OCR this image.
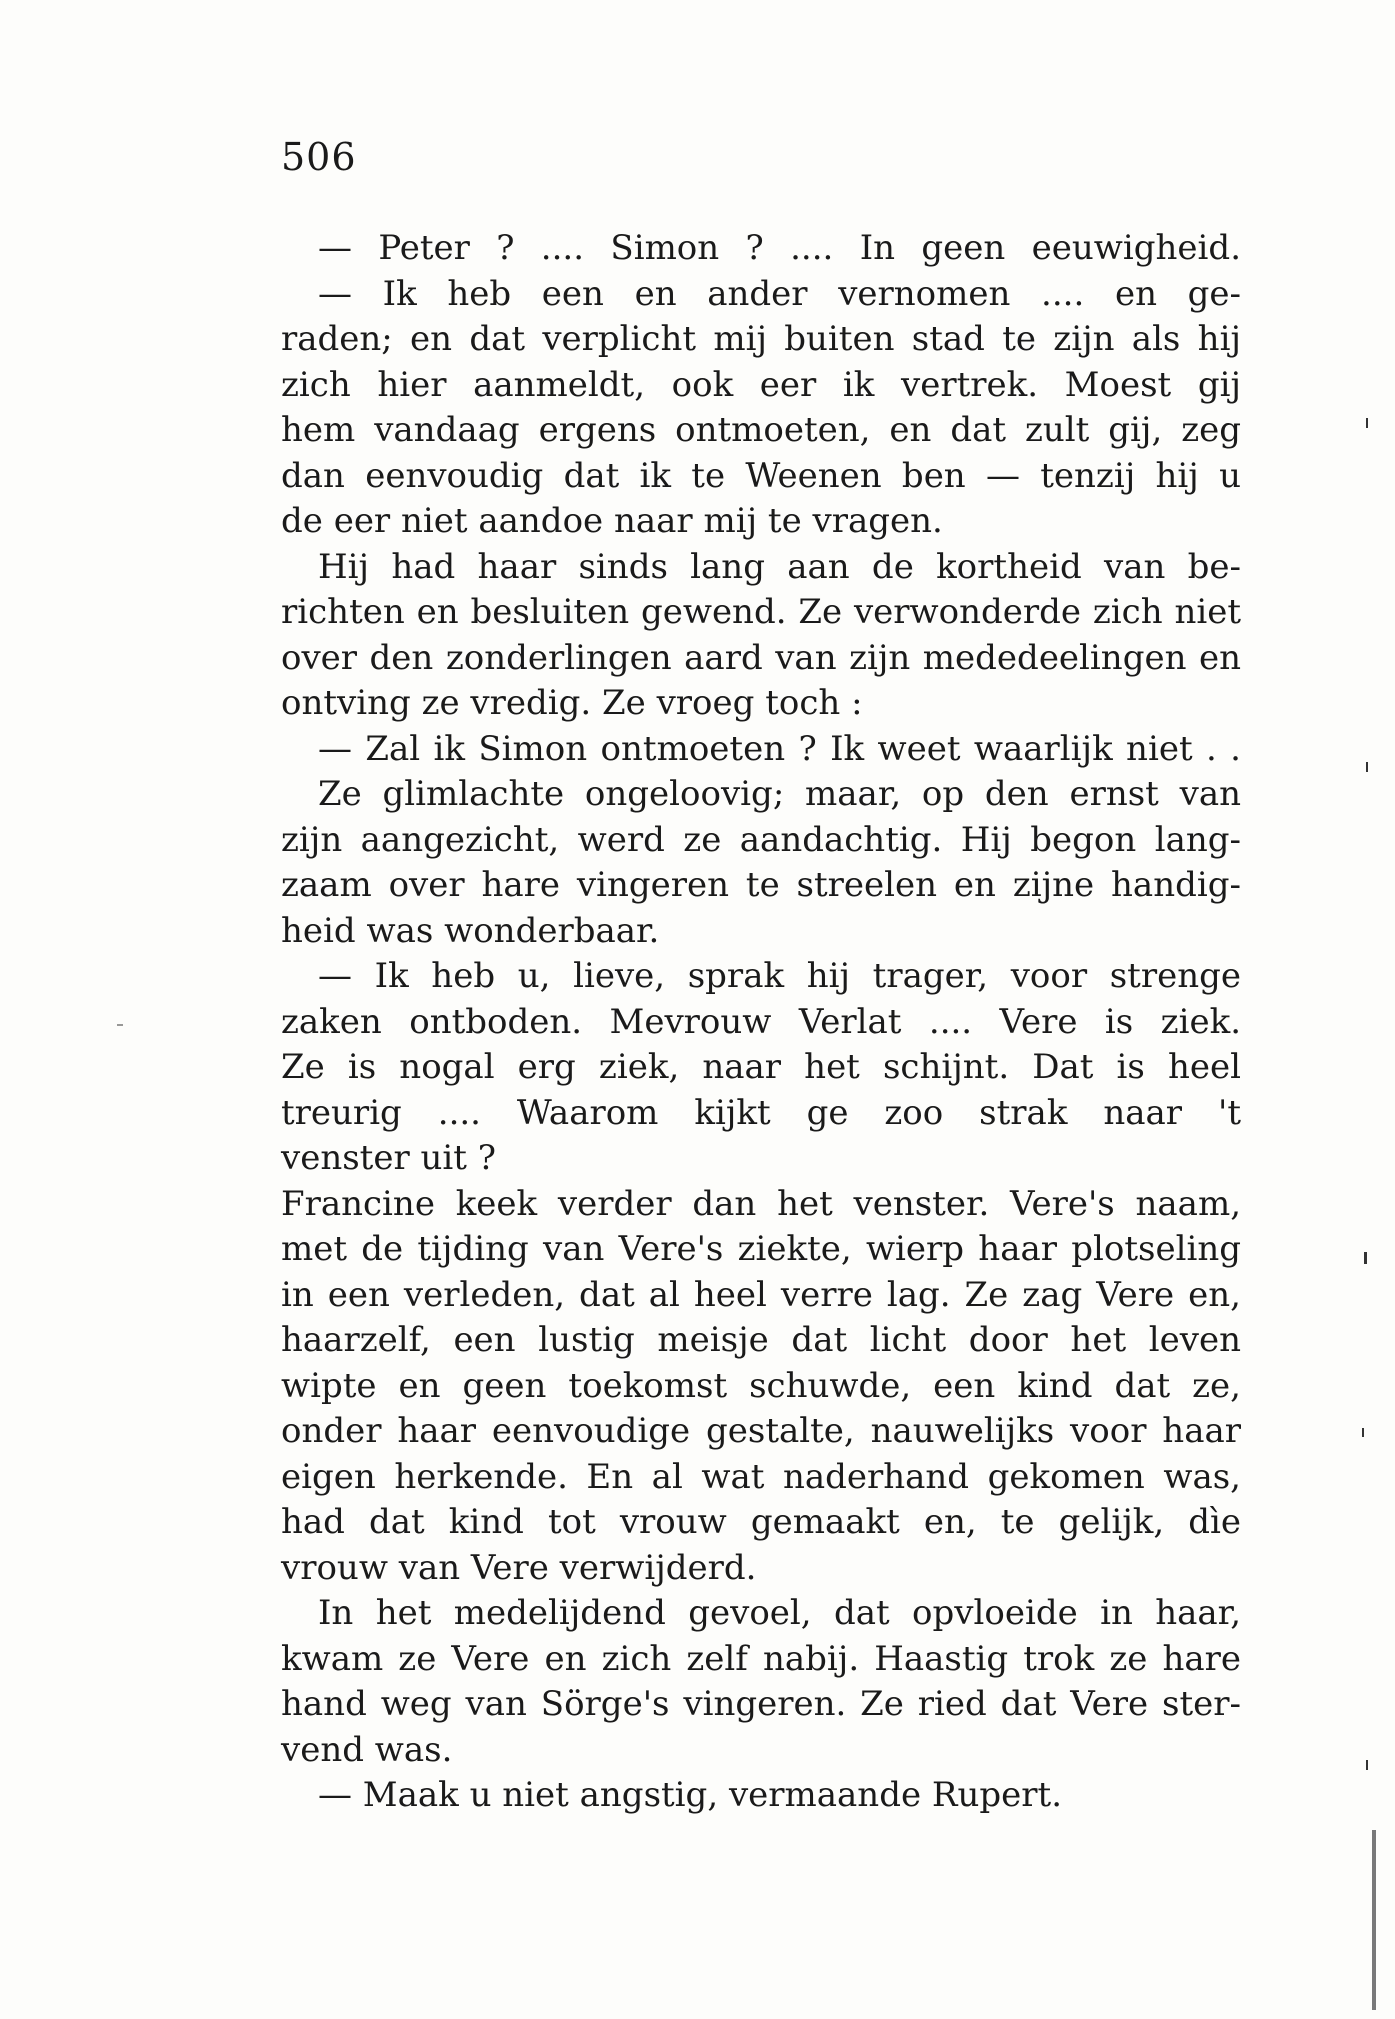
506
— Peter ? .... Simon ? .... In geen eeuwigheid.
— Ik heb een en ander vernomen .... en ge-
raden; en dat verplicht mij buiten stad te zijn als hij
zich hier aanmeldt, ook eer ik vertrek. Moest gij
hem vandaag ergens ontmoeten, en dat zult gij, zeg
dan eenvoudig dat ik te Weenen ben — tenzij hij u
de eer niet aandoe naar mij te vragen.
Hij had haar sinds lang aan de kortheid van be-
richten en besluiten gewend. Ze verwonderde zich niet
over den zonderlingen aard van zijn mededeelingen en
ontving ze vredig. Ze vroeg toch :
— Zal ik Simon ontmoeten ? Ik weet waarlijk niet . .
Ze glimlachte ongeloovig; maar, op den ernst van
zijn aangezicht, werd ze aandachtig. Hij begon lang-
zaam over hare vingeren te streelen en zijne handig-
heid was wonderbaar.
— Ik heb u, lieve, sprak hij trager, voor strenge
zaken ontboden. Mevrouw Verlat .... Vere is ziek.
Ze is nogal erg ziek, naar het schijnt. Dat is heel
treurig .... Waarom kijkt ge zoo strak naar 't
venster uit ?
Francine keek verder dan het venster. Vere's naam,
met de tijding van Vere's ziekte, wierp haar plotseling
in een verleden, dat al heel verre lag. Ze zag Vere en,
haarzelf, een lustig meisje dat licht door het leven
wipte en geen toekomst schuwde, een kind dat ze,
onder haar eenvoudige gestalte, nauwelijks voor haar
eigen herkende. En al wat naderhand gekomen was,
had dat kind tot vrouw gemaakt en, te gelijk, dìe
vrouw van Vere verwijderd.
In het medelijdend gevoel, dat opvloeide in haar,
kwam ze Vere en zich zelf nabij. Haastig trok ze hare
hand weg van Sörge's vingeren. Ze ried dat Vere ster-
vend was.
— Maak u niet angstig, vermaande Rupert.
